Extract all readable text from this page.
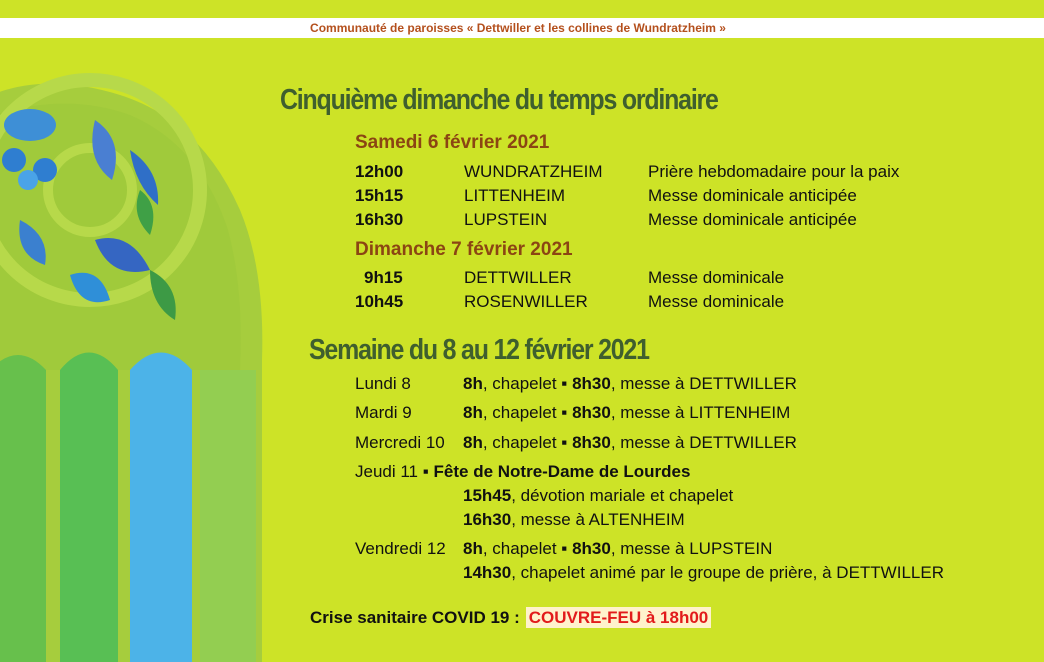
Communauté de paroisses « Dettwiller et les collines de Wundratzheim »
Cinquième dimanche du temps ordinaire
Samedi 6 février 2021
12h00	WUNDRATZHEIM	Prière hebdomadaire pour la paix
15h15	LITTENHEIM	Messe dominicale anticipée
16h30	LUPSTEIN	Messe dominicale anticipée
Dimanche 7 février 2021
9h15	DETTWILLER	Messe dominicale
10h45	ROSENWILLER	Messe dominicale
Semaine du 8 au 12 février 2021
Lundi 8	8h, chapelet ▪ 8h30, messe à DETTWILLER
Mardi 9	8h, chapelet ▪ 8h30, messe à LITTENHEIM
Mercredi 10 8h, chapelet ▪ 8h30, messe à DETTWILLER
Jeudi 11 ▪ Fête de Notre-Dame de Lourdes
15h45, dévotion mariale et chapelet
16h30, messe à ALTENHEIM
Vendredi 12 8h, chapelet ▪ 8h30, messe à LUPSTEIN
14h30, chapelet animé par le groupe de prière, à DETTWILLER
Crise sanitaire COVID 19 : COUVRE-FEU à 18h00
